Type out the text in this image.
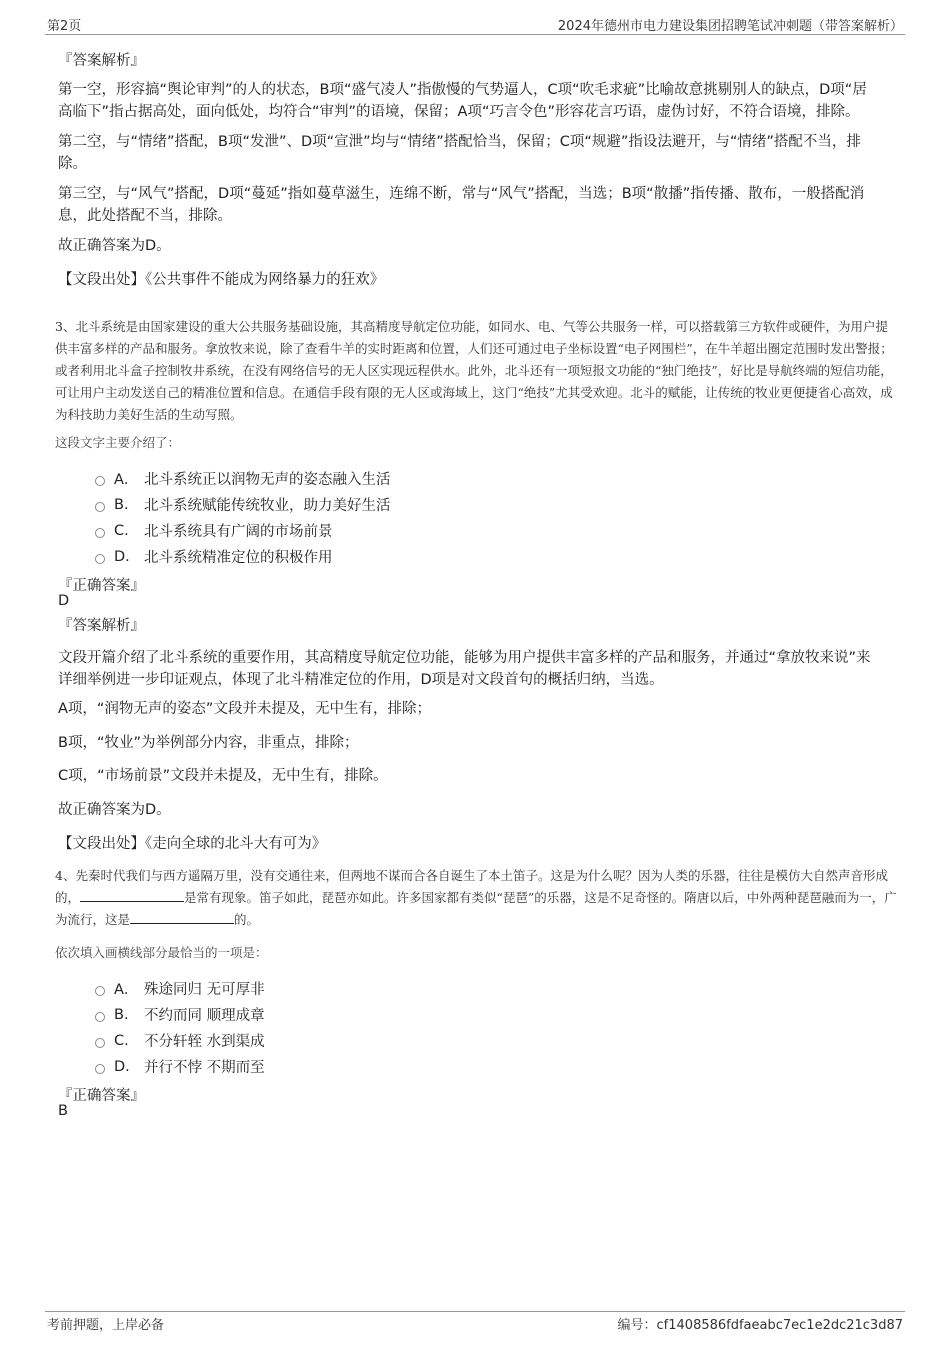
第2页	2024年德州市电力建设集团招聘笔试冲刺题（带答案解析）
『答案解析』
第一空，形容搞“舆论审判”的人的状态，B项“盛气凌人”指傲慢的气势逼人，C项“吹毛求疵”比喻故意挑剔别人的缺点，D项“居高临下”指占据高处，面向低处，均符合“审判”的语境，保留；A项“巧言令色”形容花言巧语，虚伪讨好，不符合语境，排除。
第二空，与“情绪”搭配，B项“发泄”、D项“宣泄”均与“情绪”搭配恰当，保留；C项“规避”指设法避开，与“情绪”搭配不当，排除。
第三空，与“风气”搭配，D项“蔓延”指如蔓草滋生，连绵不断，常与“风气”搭配，当选；B项“散播”指传播、散布，一般搭配消息，此处搭配不当，排除。
故正确答案为D。
【文段出处】《公共事件不能成为网络暴力的狂欢》
3、北斗系统是由国家建设的重大公共服务基础设施，其高精度导航定位功能，如同水、电、气等公共服务一样，可以搭载第三方软件或硬件，为用户提供丰富多样的产品和服务。拿放牧来说，除了查看牛羊的实时距离和位置，人们还可通过电子坐标设置“电子网围栏”，在牛羊超出圈定范围时发出警报；或者利用北斗盒子控制牧井系统，在没有网络信号的无人区实现远程供水。此外，北斗还有一项短报文功能的“独门绝技”，好比是导航终端的短信功能，可让用户主动发送自己的精准位置和信息。在通信手段有限的无人区或海域上，这门“绝技”尤其受欢迎。北斗的赋能，让传统的牧业更便捷省心高效，成为科技助力美好生活的生动写照。
这段文字主要介绍了：
A． 北斗系统正以润物无声的姿态融入生活
B.	北斗系统赋能传统牧业，助力美好生活
C.	北斗系统具有广阔的市场前景
D. 北斗系统精准定位的积极作用
『正确答案』
D
『答案解析』
文段开篇介绍了北斗系统的重要作用，其高精度导航定位功能，能够为用户提供丰富多样的产品和服务，并通过“拿放牧来说”来详细举例进一步印证观点，体现了北斗精准定位的作用，D项是对文段首句的概括归纳，当选。
A项，“润物无声的姿态”文段并未提及，无中生有，排除；
B项，“牧业”为举例部分内容，非重点，排除；
C项，“市场前景”文段并未提及，无中生有，排除。
故正确答案为D。
【文段出处】《走向全球的北斗大有可为》
4、先秦时代我们与西方遥隔万里，没有交通往来，但两地不谋而合各自诞生了本土笛子。这是为什么呢？因为人类的乐器，往往是模仿大自然声音形成的，	是常有现象。笛子如此，琵琶亦如此。许多国家都有类似“琵琶”的乐器，这是不足奇怪的。隋唐以后，中外两种琵琶融而为一，广为流行，这是	的。
依次填入画横线部分最恰当的一项是：
A． 殊途同归 无可厚非
B.	不约而同 顺理成章
C.	不分轩轾 水到渠成
D. 并行不悖 不期而至
『正确答案』
B
考前押题，上岸必备	编号：cf1408586fdfaeabc7ec1e2dc21c3d87
